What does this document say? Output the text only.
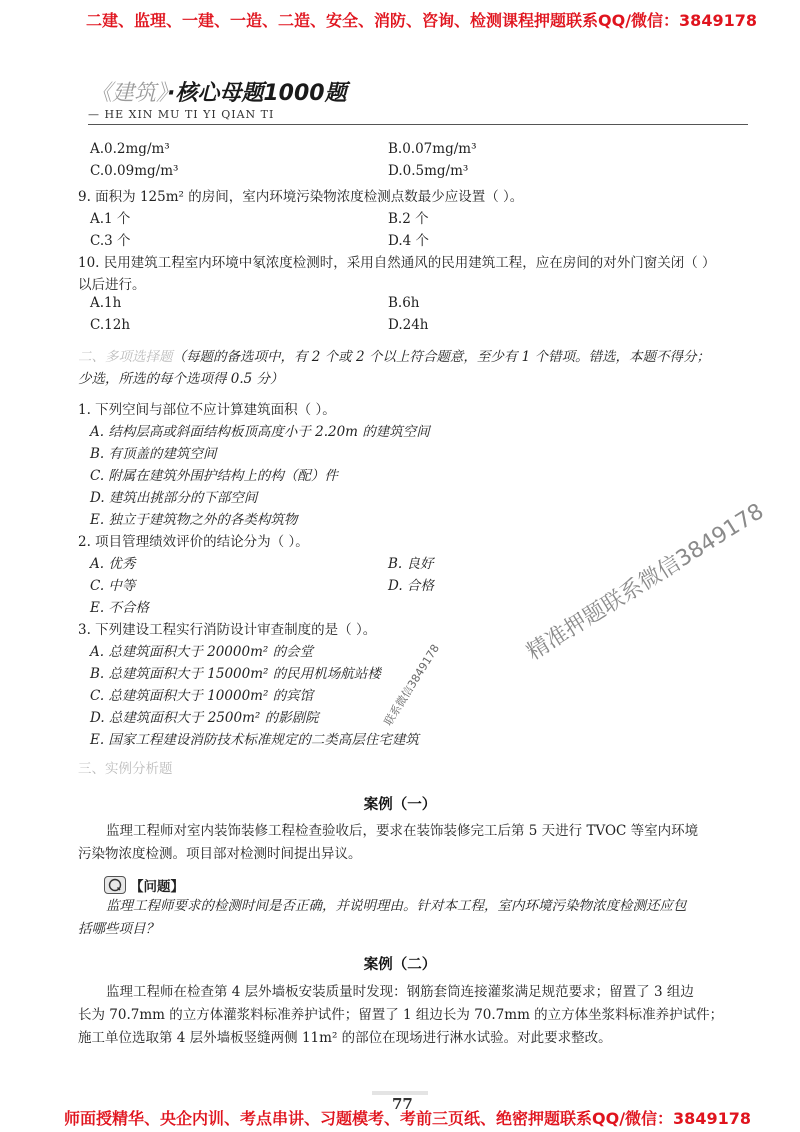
二建、监理、一建、一造、二造、安全、消防、咨询、检测课程押题联系QQ/微信：3849178
《建筑》·核心母题1000题
— HE XIN MU TI YI QIAN TI
A.0.2mg/m³	B.0.07mg/m³
C.0.09mg/m³	D.0.5mg/m³
9. 面积为 125m² 的房间，室内环境污染物浓度检测点数最少应设置（ ）。
A.1 个	B.2 个
C.3 个	D.4 个
10. 民用建筑工程室内环境中氡浓度检测时，采用自然通风的民用建筑工程，应在房间的对外门窗关闭（ ）
以后进行。
A.1h	B.6h
C.12h	D.24h
二、多项选择题（每题的备选项中，有 2 个或 2 个以上符合题意，至少有 1 个错项。错选，本题不得分；
少选，所选的每个选项得 0.5 分）
1. 下列空间与部位不应计算建筑面积（ ）。
A. 结构层高或斜面结构板顶高度小于 2.20m 的建筑空间
B. 有顶盖的建筑空间
C. 附属在建筑外围护结构上的构（配）件
D. 建筑出挑部分的下部空间
E. 独立于建筑物之外的各类构筑物
2. 项目管理绩效评价的结论分为（ ）。
A. 优秀	B. 良好
C. 中等	D. 合格
E. 不合格
3. 下列建设工程实行消防设计审查制度的是（ ）。
A. 总建筑面积大于 20000m² 的会堂
B. 总建筑面积大于 15000m² 的民用机场航站楼
C. 总建筑面积大于 10000m² 的宾馆
D. 总建筑面积大于 2500m² 的影剧院
E. 国家工程建设消防技术标准规定的二类高层住宅建筑
三、实例分析题
案例（一）
监理工程师对室内装饰装修工程检查验收后，要求在装饰装修完工后第 5 天进行 TVOC 等室内环境
污染物浓度检测。项目部对检测时间提出异议。
【问题】
监理工程师要求的检测时间是否正确，并说明理由。针对本工程，室内环境污染物浓度检测还应包
括哪些项目？
案例（二）
监理工程师在检查第 4 层外墙板安装质量时发现：钢筋套筒连接灌浆满足规范要求；留置了 3 组边
长为 70.7mm 的立方体灌浆料标准养护试件；留置了 1 组边长为 70.7mm 的立方体坐浆料标准养护试件；
施工单位选取第 4 层外墙板竖缝两侧 11m² 的部位在现场进行淋水试验。对此要求整改。
精准押题联系微信3849178
联系微信3849178
77
师面授精华、央企内训、考点串讲、习题模考、考前三页纸、绝密押题联系QQ/微信：3849178
